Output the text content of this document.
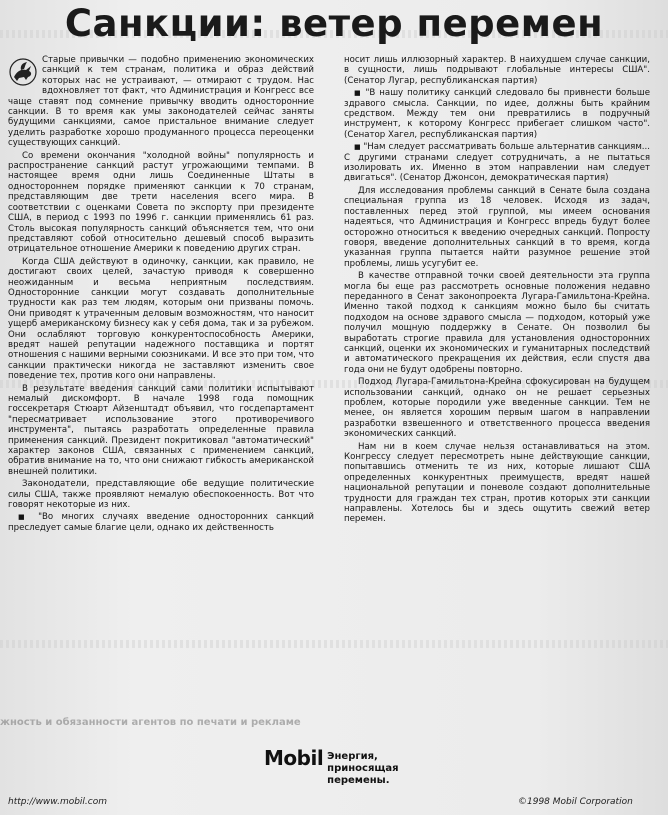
Санкции: ветер перемен

Старые привычки — подобно применению экономических санкций к тем странам, политика и образ действий которых нас не устраивают, — отмирают с трудом. Нас вдохновляет тот факт, что Администрация и Конгресс все чаще ставят под сомнение привычку вводить односторонние санкции. В то время как умы законодателей сейчас заняты будущими санкциями, самое пристальное внимание следует уделить разработке хорошо продуманного процесса переоценки существующих санкций.

Со времени окончания "холодной войны" популярность и распространение санкций растут угрожающими темпами. В настоящее время одни лишь Соединенные Штаты в одностороннем порядке применяют санкции к 70 странам, представляющим две трети населения всего мира. В соответствии с оценками Совета по экспорту при президенте США, в период с 1993 по 1996 г. санкции применялись 61 раз. Столь высокая популярность санкций объясняется тем, что они представляют собой относительно дешевый способ выразить отрицательное отношение Америки к поведению других стран.

Когда США действуют в одиночку, санкции, как правило, не достигают своих целей, зачастую приводя к совершенно неожиданным и весьма неприятным последствиям. Односторонние санкции могут создавать дополнительные трудности как раз тем людям, которым они призваны помочь. Они приводят к утраченным деловым возможностям, что наносит ущерб американскому бизнесу как у себя дома, так и за рубежом. Они ослабляют торговую конкурентоспособность Америки, вредят нашей репутации надежного поставщика и портят отношения с нашими верными союзниками. И все это при том, что санкции практически никогда не заставляют изменить свое поведение тех, против кого они направлены.

В результате введения санкций сами политики испытывают немалый дискомфорт. В начале 1998 года помощник госсекретаря Стюарт Айзенштадт объявил, что госдепартамент "пересматривает использование этого противоречивого инструмента", пытаясь разработать определенные правила применения санкций. Президент покритиковал "автоматический" характер законов США, связанных с применением санкций, обратив внимание на то, что они снижают гибкость американской внешней политики.

Законодатели, представляющие обе ведущие политические силы США, также проявляют немалую обеспокоенность. Вот что говорят некоторые из них.

■ "Во многих случаях введение односторонних санкций преследует самые благие цели, однако их действенность

носит лишь иллюзорный характер. В наихудшем случае санкции, в сущности, лишь подрывают глобальные интересы США". (Сенатор Лугар, республиканская партия)

■ "В нашу политику санкций следовало бы привнести больше здравого смысла. Санкции, по идее, должны быть крайним средством. Между тем они превратились в подручный инструмент, к которому Конгресс прибегает слишком часто". (Сенатор Хагел, республиканская партия)

■ "Нам следует рассматривать больше альтернатив санкциям... С другими странами следует сотрудничать, а не пытаться изолировать их. Именно в этом направлении нам следует двигаться". (Сенатор Джонсон, демократическая партия)

Для исследования проблемы санкций в Сенате была создана специальная группа из 18 человек. Исходя из задач, поставленных перед этой группой, мы имеем основания надеяться, что Администрация и Конгресс впредь будут более осторожно относиться к введению очередных санкций. Попросту говоря, введение дополнительных санкций в то время, когда указанная группа пытается найти разумное решение этой проблемы, лишь усугубит ее.

В качестве отправной точки своей деятельности эта группа могла бы еще раз рассмотреть основные положения недавно переданного в Сенат законопроекта Лугара-Гамильтона-Крейна. Именно такой подход к санкциям можно было бы считать подходом на основе здравого смысла — подходом, который уже получил мощную поддержку в Сенате. Он позволил бы выработать строгие правила для установления односторонних санкций, оценки их экономических и гуманитарных последствий и автоматического прекращения их действия, если спустя два года они не будут одобрены повторно.

Подход Лугара-Гамильтона-Крейна сфокусирован на будущем использовании санкций, однако он не решает серьезных проблем, которые породили уже введенные санкции. Тем не менее, он является хорошим первым шагом в направлении разработки взвешенного и ответственного процесса введения экономических санкций.

Нам ни в коем случае нельзя останавливаться на этом. Конгрессу следует пересмотреть ныне действующие санкции, попытавшись отменить те из них, которые лишают США определенных конкурентных преимуществ, вредят нашей национальной репутации и поневоле создают дополнительные трудности для граждан тех стран, против которых эти санкции направлены. Хотелось бы и здесь ощутить свежий ветер перемен.

жность и обязанности агентов по печати и рекламе
Mobil Энергия,
приносящая перемены.
http://www.mobil.com	©1998 Mobil Corporation
